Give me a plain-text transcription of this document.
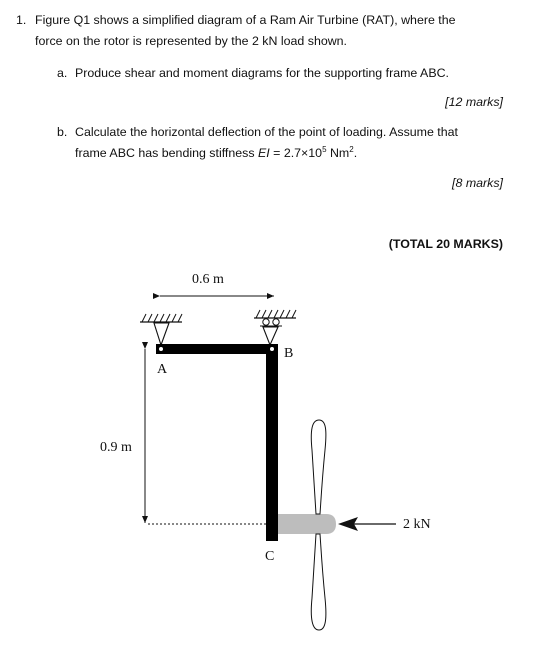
1. Figure Q1 shows a simplified diagram of a Ram Air Turbine (RAT), where the
force on the rotor is represented by the 2 kN load shown.
a. Produce shear and moment diagrams for the supporting frame ABC.
[12 marks]
b. Calculate the horizontal deflection of the point of loading. Assume that
frame ABC has bending stiffness EI = $2.7\times 10^5$ Nm$^2$.
[8 marks]
(TOTAL 20 MARKS)
0.6 m
A
B
C
0.9 m
2 kN
